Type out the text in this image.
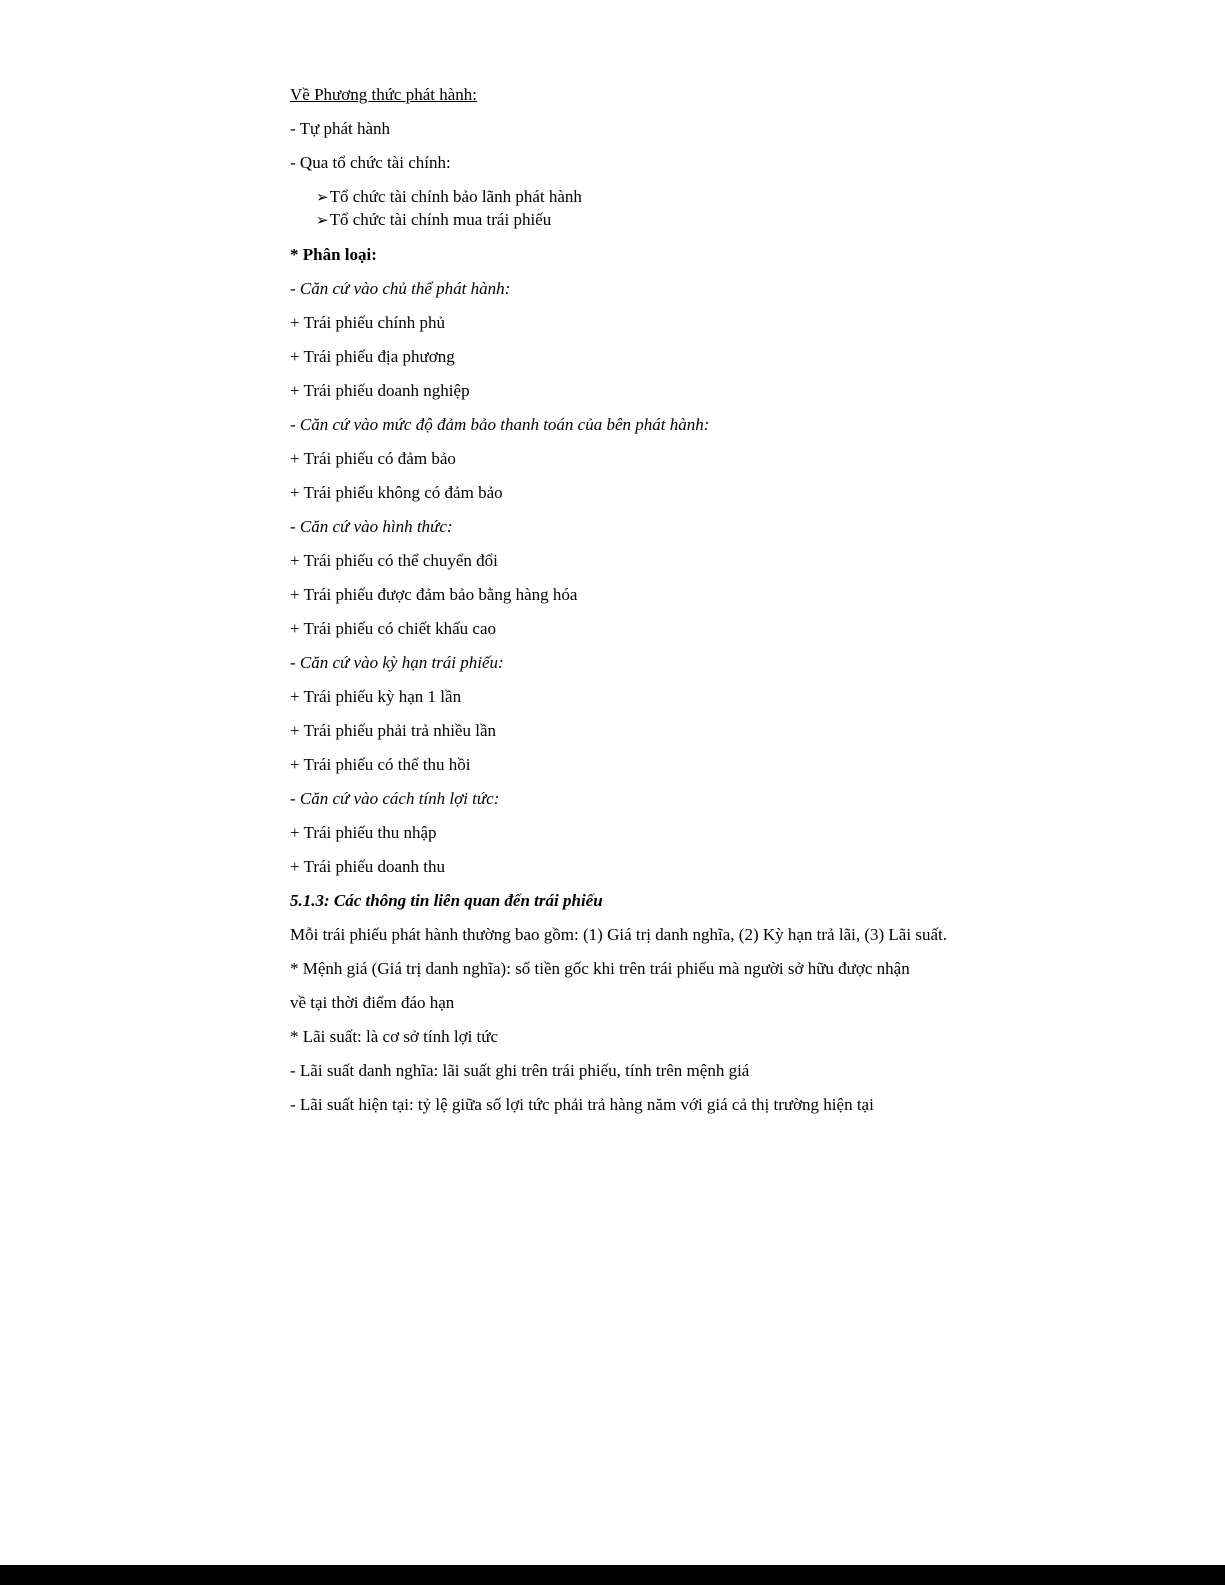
Về Phương thức phát hành:

- Tự phát hành

- Qua tổ chức tài chính:

➢Tổ chức tài chính bảo lãnh phát hành

➢Tổ chức tài chính mua trái phiếu

* Phân loại:

- Căn cứ vào chủ thể phát hành:

+ Trái phiếu chính phủ

+ Trái phiếu địa phương

+ Trái phiếu doanh nghiệp

- Căn cứ vào mức độ đảm bảo thanh toán của bên phát hành:

+ Trái phiếu có đảm bảo

+ Trái phiếu không có đảm bảo

- Căn cứ vào hình thức:

+ Trái phiếu có thể chuyển đổi

+ Trái phiếu được đảm bảo bằng hàng hóa

+ Trái phiếu có chiết khấu cao

- Căn cứ vào kỳ hạn trái phiếu:

+ Trái phiếu kỳ hạn 1 lần

+ Trái phiếu phải trả nhiều lần

+ Trái phiếu có thể thu hồi

- Căn cứ vào cách tính lợi tức:

+ Trái phiếu thu nhập

+ Trái phiếu doanh thu

5.1.3: Các thông tin liên quan đến trái phiếu

Mỗi trái phiếu phát hành thường bao gồm: (1) Giá trị danh nghĩa, (2) Kỳ hạn trả lãi, (3) Lãi suất.

* Mệnh giá (Giá trị danh nghĩa): số tiền gốc khi trên trái phiếu mà người sở hữu được nhận

về tại thời điểm đáo hạn

* Lãi suất: là cơ sở tính lợi tức

- Lãi suất danh nghĩa: lãi suất ghi trên trái phiếu, tính trên mệnh giá

- Lãi suất hiện tại: tỷ lệ giữa số lợi tức phải trả hàng năm với giá cả thị trường hiện tại
